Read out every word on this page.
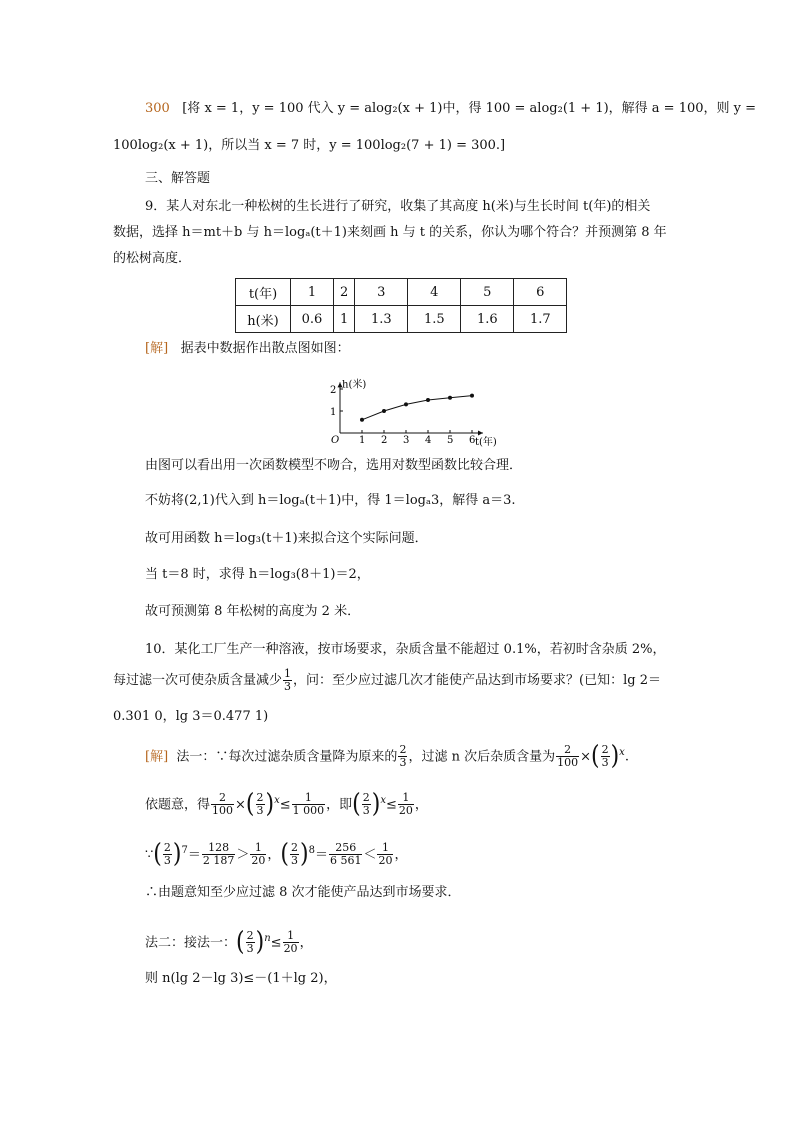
300 [将 x = 1，y = 100 代入 y = alog₂(x + 1)中，得 100 = alog₂(1 + 1)，解得 a = 100，则 y =
100log₂(x + 1)，所以当 x = 7 时，y = 100log₂(7 + 1) = 300.]
三、解答题
9．某人对东北一种松树的生长进行了研究，收集了其高度 h(米)与生长时间 t(年)的相关
数据，选择 h＝mt＋b 与 h＝logₐ(t＋1)来刻画 h 与 t 的关系，你认为哪个符合？并预测第 8 年
的松树高度．
t(年)	1	2	3	4	5	6
h(米)	0.6	1	1.3	1.5	1.6	1.7
[解] 据表中数据作出散点图如图：
O 1 2 3 4 5 6
1
2
h(米)
t(年)
由图可以看出用一次函数模型不吻合，选用对数型函数比较合理．
不妨将(2,1)代入到 h＝logₐ(t＋1)中，得 1＝logₐ3，解得 a＝3.
故可用函数 h＝log₃(t＋1)来拟合这个实际问题．
当 t＝8 时，求得 h＝log₃(8＋1)＝2，
故可预测第 8 年松树的高度为 2 米．
10．某化工厂生产一种溶液，按市场要求，杂质含量不能超过 0.1%，若初时含杂质 2%，
每过滤一次可使杂质含量减少 $\frac{1}{3}$ ，问：至少应过滤几次才能使产品达到市场要求？(已知：lg 2＝
0.301 0，lg 3＝0.477 1)
[解] 法一：∵每次过滤杂质含量降为原来的 $\frac{2}{3}$ ，过滤 n 次后杂质含量为 $\frac{2}{100}$ ×( $\frac{2}{3} )^x$.
依题意，得 $\frac{2}{100}$ ×( $\frac{2}{3} )^x\le \frac{1}{1 000}$ ，即( $\frac{2}{3} )^x\le \frac{1}{20}$ ，
∵( $\frac{2}{3} )^7= \frac{128}{2 187} > \frac{1}{20}$ ，( $\frac{2}{3} )^8= \frac{256}{6 561} < \frac{1}{20}$ ，
∴由题意知至少应过滤 8 次才能使产品达到市场要求．
法二：接法一：( $\frac{2}{3} )^n\le \frac{1}{20}$ ，
则 n(lg 2－lg 3)≤－(1＋lg 2)，
